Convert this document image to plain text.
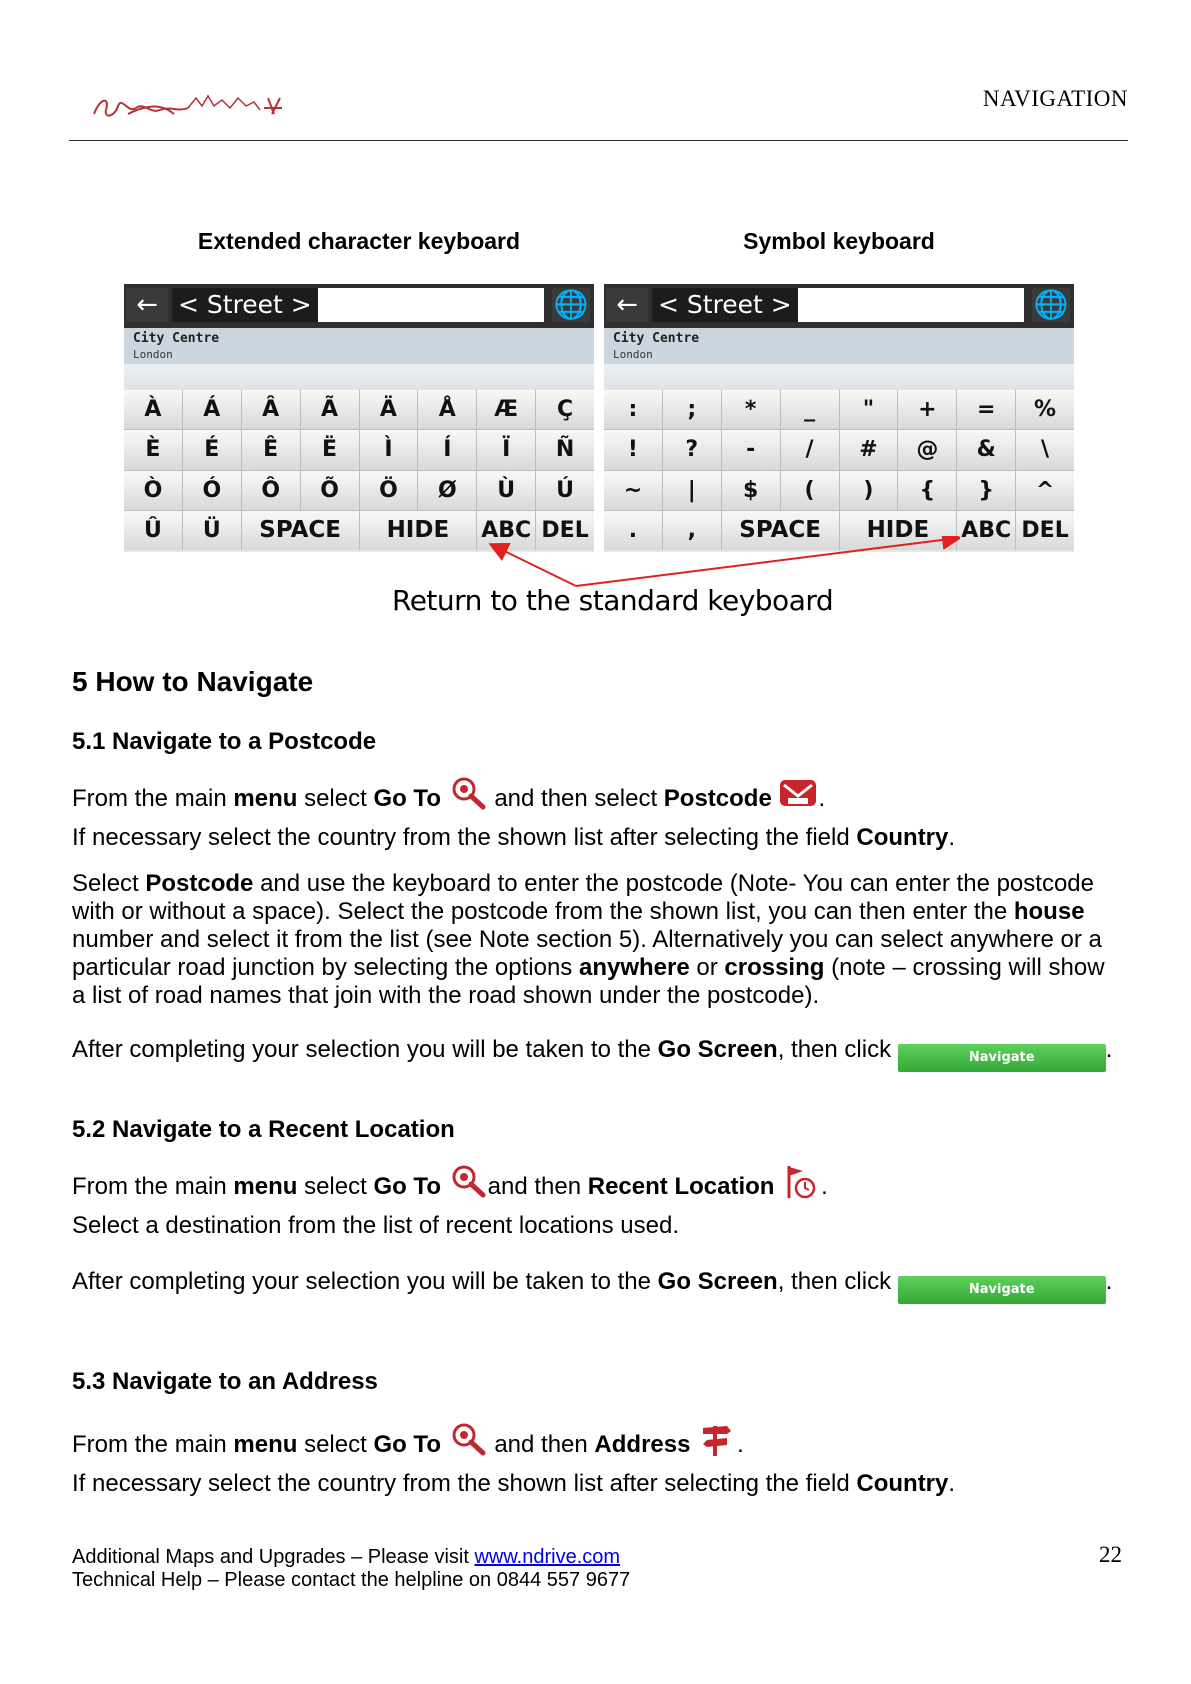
NAVIGATION
Extended character keyboard	Symbol keyboard
← < Street >	🌐
City Centre
London
À	Á	Â	Ã	Ä	Å	Æ	Ç
È	É	Ê	Ë	Ì	Í	Ï	Ñ
Ò	Ó	Ô	Õ	Ö	Ø	Ù	Ú
Û	Ü	SPACE	HIDE	ABC DEL
← < Street >	🌐
City Centre
London
:	;	*	_	"	+	=	%
!	?	-	/	#	@	&	\
~	|	$	(	)	{	}	^
.	,	SPACE	HIDE	ABC DEL
Return to the standard keyboard
5 How to Navigate
5.1 Navigate to a Postcode
From the main menu select Go To  and then select Postcode .
If necessary select the country from the shown list after selecting the field Country.
Select Postcode and use the keyboard to enter the postcode (Note- You can enter the postcode with or without a space). Select the postcode from the shown list, you can then enter the house number and select it from the list (see Note section 5). Alternatively you can select anywhere or a particular road junction by selecting the options anywhere or crossing (note – crossing will show a list of road names that join with the road shown under the postcode).
After completing your selection you will be taken to the Go Screen, then click	Navigate	.
5.2 Navigate to a Recent Location
From the main menu select Go To and then Recent Location .
Select a destination from the list of recent locations used.
After completing your selection you will be taken to the Go Screen, then click	Navigate	.
5.3 Navigate to an Address
From the main menu select Go To  and then Address .
If necessary select the country from the shown list after selecting the field Country.
Additional Maps and Upgrades – Please visit www.ndrive.com
Technical Help – Please contact the helpline on 0844 557 9677
22
